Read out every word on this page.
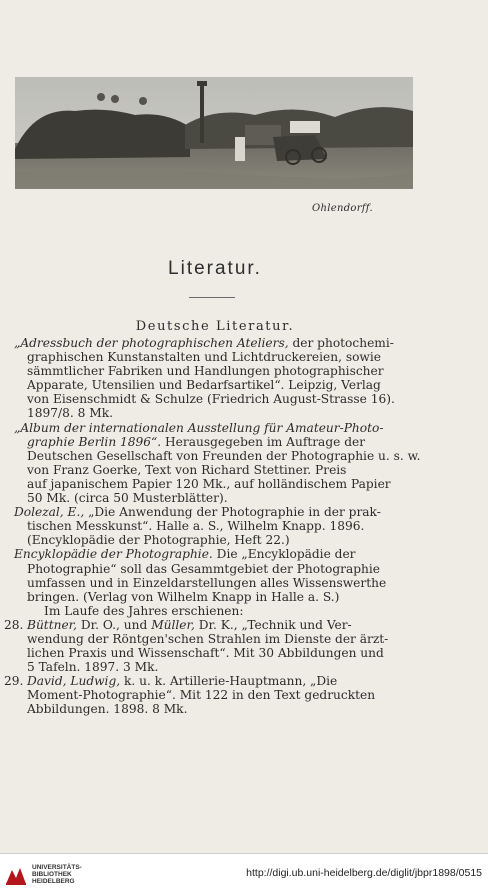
Ohlendorff.
Literatur.
Deutsche Literatur.
„Adressbuch der photographischen Ateliers, der photochemi-
graphischen Kunstanstalten und Lichtdruckereien, sowie
sämmtlicher Fabriken und Handlungen photographischer
Apparate, Utensilien und Bedarfsartikel“. Leipzig, Verlag
von Eisenschmidt & Schulze (Friedrich August-Strasse 16).
1897/8. 8 Mk.
„Album der internationalen Ausstellung für Amateur-Photo-
graphie Berlin 1896“. Herausgegeben im Auftrage der
Deutschen Gesellschaft von Freunden der Photographie u. s. w.
von Franz Goerke, Text von Richard Stettiner. Preis
auf japanischem Papier 120 Mk., auf holländischem Papier
50 Mk. (circa 50 Musterblätter).
Dolezal, E., „Die Anwendung der Photographie in der prak-
tischen Messkunst“. Halle a. S., Wilhelm Knapp. 1896.
(Encyklopädie der Photographie, Heft 22.)
Encyklopädie der Photographie. Die „Encyklopädie der
Photographie“ soll das Gesammtgebiet der Photographie
umfassen und in Einzeldarstellungen alles Wissenswerthe
bringen. (Verlag von Wilhelm Knapp in Halle a. S.)
Im Laufe des Jahres erschienen:
28. Büttner, Dr. O., und Müller, Dr. K., „Technik und Ver-
wendung der Röntgen'schen Strahlen im Dienste der ärzt-
lichen Praxis und Wissenschaft“. Mit 30 Abbildungen und
5 Tafeln. 1897. 3 Mk.
29. David, Ludwig, k. u. k. Artillerie-Hauptmann, „Die
Moment-Photographie“. Mit 122 in den Text gedruckten
Abbildungen. 1898. 8 Mk.
UNIVERSITÄTS-
BIBLIOTHEK
HEIDELBERG
http://digi.ub.uni-heidelberg.de/diglit/jbpr1898/0515
